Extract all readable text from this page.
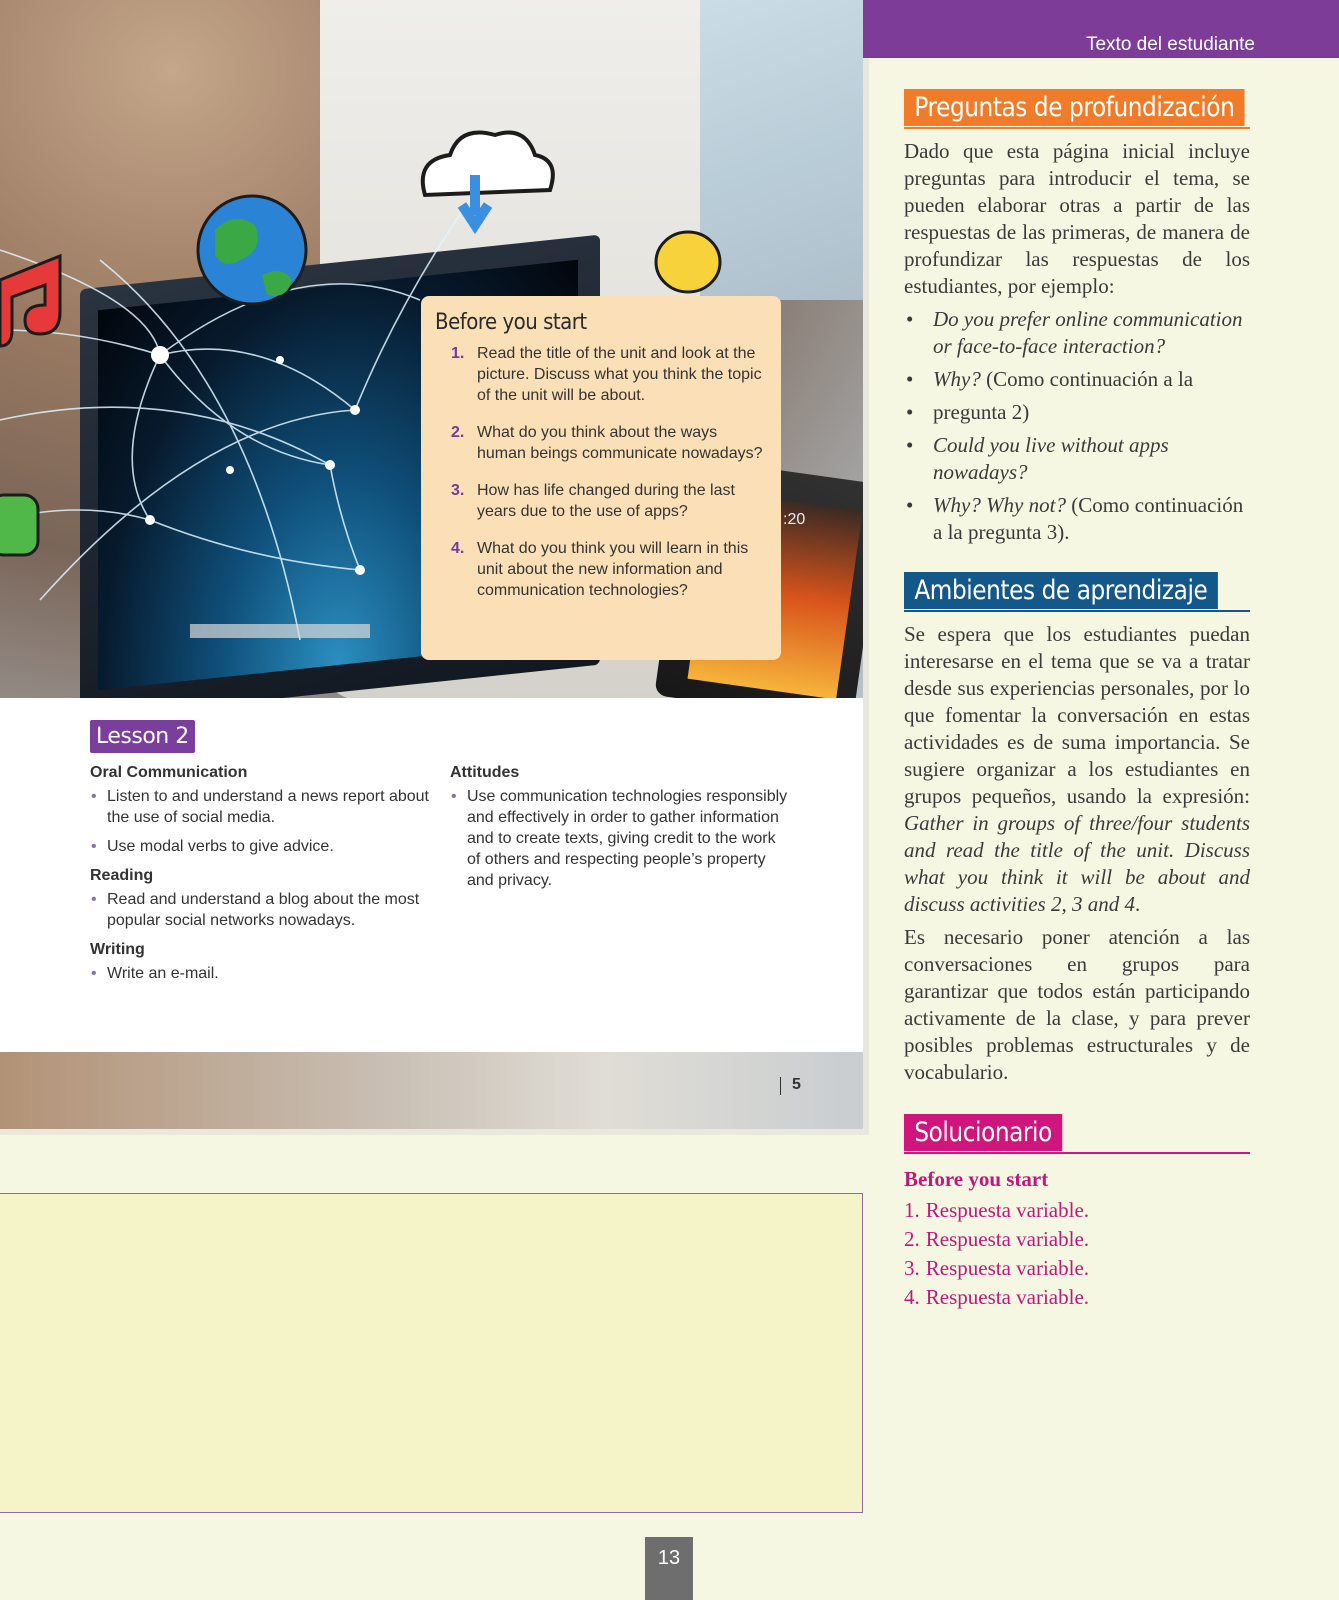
:20
Before you start
1. Read the title of the unit and look at the picture. Discuss what you think the topic of the unit will be about.
2. What do you think about the ways human beings communicate nowadays?
3. How has life changed during the last years due to the use of apps?
4. What do you think you will learn in this unit about the new information and communication technologies?
Lesson 2
Oral Communication
• Listen to and understand a news report about the use of social media.
• Use modal verbs to give advice.
Reading
• Read and understand a blog about the most popular social networks nowadays.
Writing
• Write an e-mail.
Attitudes
• Use communication technologies responsibly and effectively in order to gather information and to create texts, giving credit to the work of others and respecting people’s property and privacy.
5
13
Texto del estudiante
Preguntas de profundización

Dado que esta página inicial incluye preguntas para introducir el tema, se pueden elaborar otras a partir de las respuestas de las primeras, de manera de profundizar las respuestas de los estudiantes, por ejemplo:

• Do you prefer online communication or face-to-face interaction?
• Why? (Como continuación a la
• pregunta 2)
• Could you live without apps nowadays?
• Why? Why not? (Como continuación a la pregunta 3).
Ambientes de aprendizaje

Se espera que los estudiantes puedan interesarse en el tema que se va a tratar desde sus experiencias personales, por lo que fomentar la conversación en estas actividades es de suma importancia. Se sugiere organizar a los estudiantes en grupos pequeños, usando la expresión: Gather in groups of three/four students and read the title of the unit. Discuss what you think it will be about and discuss activities 2, 3 and 4.

Es necesario poner atención a las conversaciones en grupos para garantizar que todos están participando activamente de la clase, y para prever posibles problemas estructurales y de vocabulario.

Solucionario
Before you start
1. Respuesta variable.
2. Respuesta variable.
3. Respuesta variable.
4. Respuesta variable.
